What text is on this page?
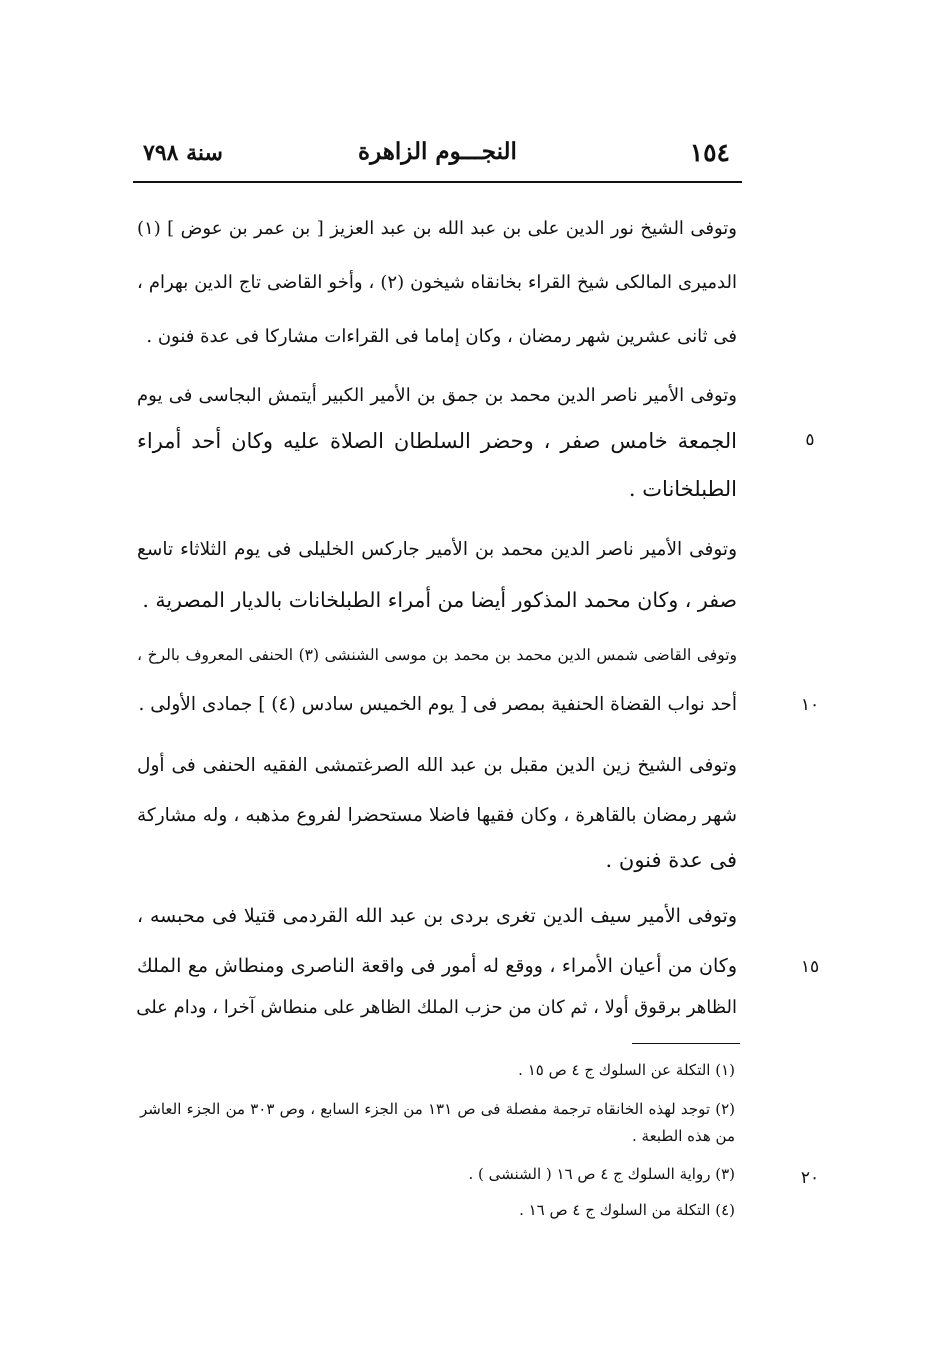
١٥٤
النجـــوم الزاهرة
سنة ٧٩٨
وتوفى الشيخ نور الدين على بن عبد الله بن عبد العزيز [ بن عمر بن عوض ] (١)
الدميرى المالكى شيخ القراء بخانقاه شيخون (٢) ، وأخو القاضى تاج الدين بهرام ،
فى ثانى عشرين شهر رمضان ، وكان إماما فى القراءات مشاركا فى عدة فنون .
وتوفى الأمير ناصر الدين محمد بن جمق بن الأمير الكبير أيتمش البجاسى فى يوم
الجمعة خامس صفر ، وحضر السلطان الصلاة عليه وكان أحد أمراء
الطبلخانات .
وتوفى الأمير ناصر الدين محمد بن الأمير جاركس الخليلى فى يوم الثلاثاء تاسع
صفر ، وكان محمد المذكور أيضا من أمراء الطبلخانات بالديار المصرية .
وتوفى القاضى شمس الدين محمد بن محمد بن موسى الشنشى (٣) الحنفى المعروف بالرخ ،
أحد نواب القضاة الحنفية بمصر فى [ يوم الخميس سادس (٤) ] جمادى الأولى .
وتوفى الشيخ زين الدين مقبل بن عبد الله الصرغتمشى الفقيه الحنفى فى أول
شهر رمضان بالقاهرة ، وكان فقيها فاضلا مستحضرا لفروع مذهبه ، وله مشاركة
فى عدة فنون .
وتوفى الأمير سيف الدين تغرى بردى بن عبد الله القردمى قتيلا فى محبسه ،
وكان من أعيان الأمراء ، ووقع له أمور فى واقعة الناصرى ومنطاش مع الملك
الظاهر برقوق أولا ، ثم كان من حزب الملك الظاهر على منطاش آخرا ، ودام على
٥
١٠
١٥
٢٠
(١) التكلة عن السلوك ج ٤ ص ١٥ .
(٢) توجد لهذه الخانقاه ترجمة مفصلة فى ص ١٣١ من الجزء السابع ، وص ٣٠٣ من الجزء العاشر
من هذه الطبعة .
(٣) رواية السلوك ج ٤ ص ١٦ ( الشنشى ) .
(٤) التكلة من السلوك ج ٤ ص ١٦ .
